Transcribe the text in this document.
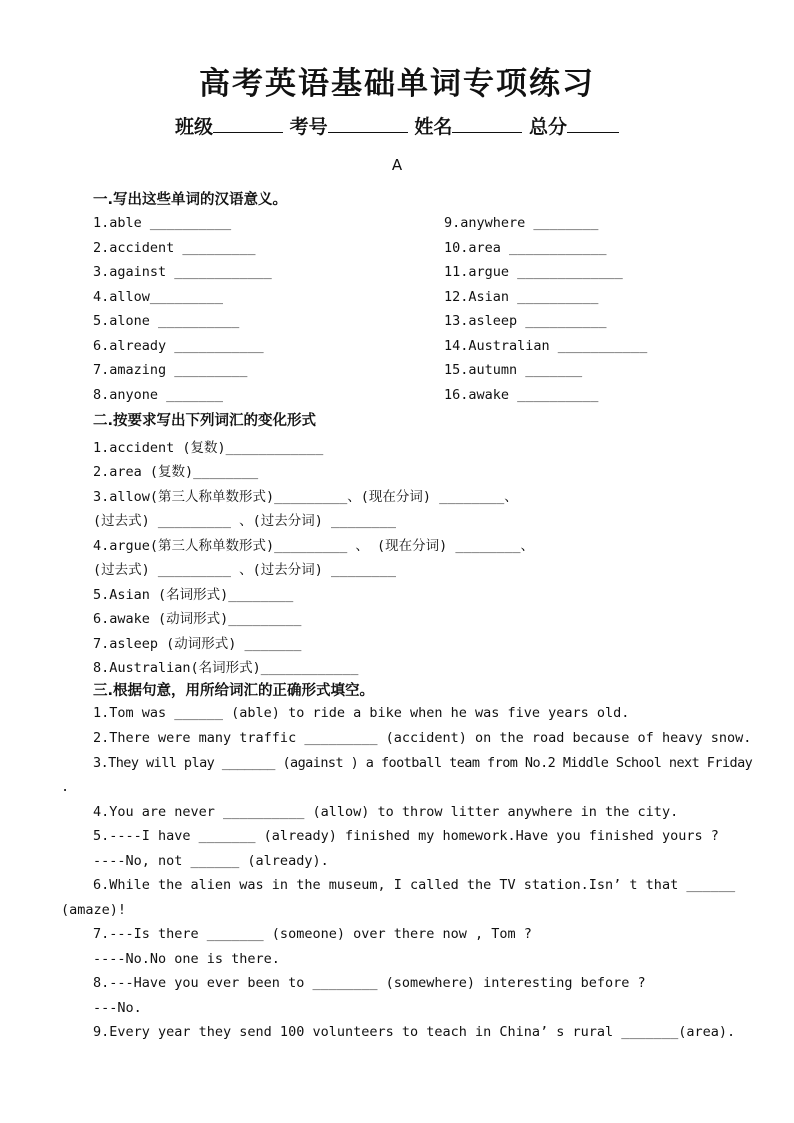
高考英语基础单词专项练习
班级	考号	姓名	总分
A
一.写出这些单词的汉语意义。
1.able __________
2.accident _________
3.against ____________
4.allow_________
5.alone __________
6.already ___________
7.amazing _________
8.anyone _______
9.anywhere ________
10.area ____________
11.argue _____________
12.Asian __________
13.asleep __________
14.Australian ___________
15.autumn _______
16.awake __________
二.按要求写出下列词汇的变化形式
1.accident (复数)____________
2.area (复数)________
3.allow(第三人称单数形式)_________、(现在分词) ________、
(过去式) _________ 、(过去分词) ________
4.argue(第三人称单数形式)_________ 、 (现在分词) ________、
(过去式) _________ 、(过去分词) ________
5.Asian (名词形式)________
6.awake (动词形式)_________
7.asleep (动词形式) _______
8.Australian(名词形式)____________
三.根据句意，用所给词汇的正确形式填空。
1.Tom was ______ (able) to ride a bike when he was five years old.
2.There were many traffic _________ (accident) on the road because of heavy snow.
3.They will play _______ (against ) a football team from No.2 Middle School next Friday
.
4.You are never __________ (allow) to throw litter anywhere in the city.
5.----I have _______ (already) finished my homework.Have you finished yours ?
----No, not ______ (already).
6.While the alien was in the museum, I called the TV station.Isn’ t that ______
(amaze)!
7.---Is there _______ (someone) over there now , Tom ?
----No.No one is there.
8.---Have you ever been to ________ (somewhere) interesting before ?
---No.
9.Every year they send 100 volunteers to teach in China’ s rural _______(area).
